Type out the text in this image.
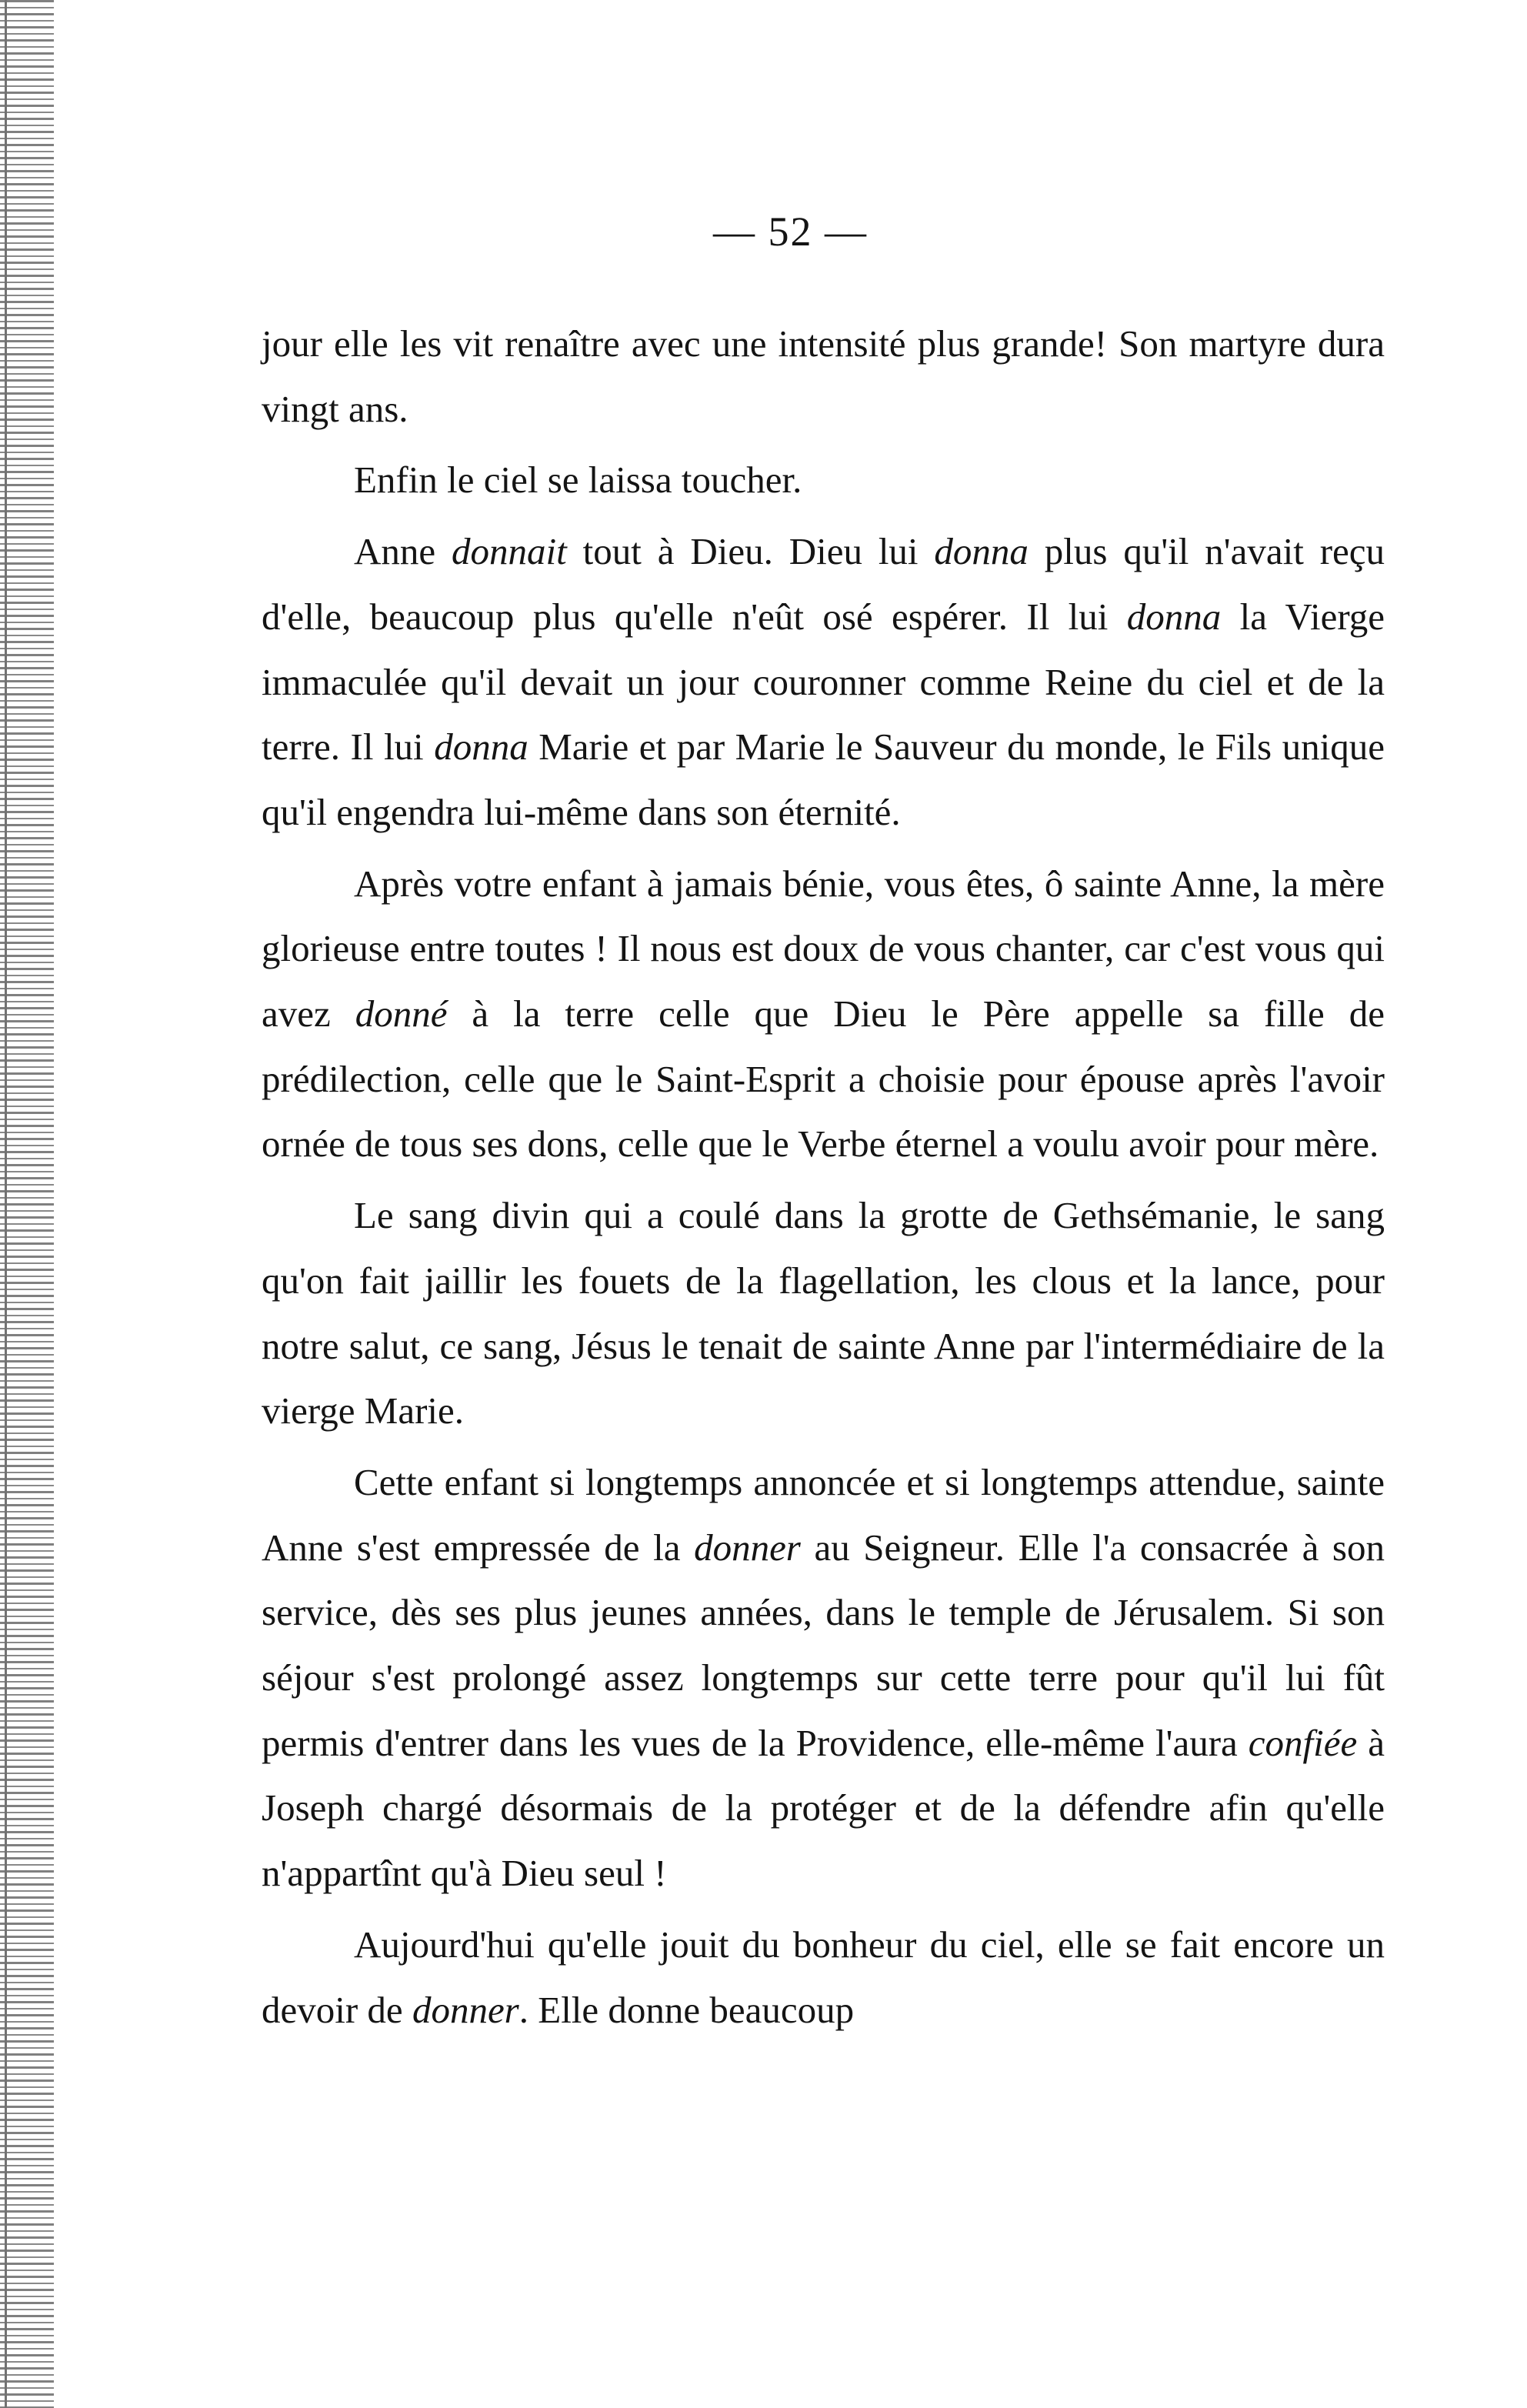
— 52 —

jour elle les vit renaître avec une intensité plus grande! Son martyre dura vingt ans.

Enfin le ciel se laissa toucher.

Anne donnait tout à Dieu. Dieu lui donna plus qu'il n'avait reçu d'elle, beaucoup plus qu'elle n'eût osé espérer. Il lui donna la Vierge immaculée qu'il devait un jour couronner comme Reine du ciel et de la terre. Il lui donna Marie et par Marie le Sauveur du monde, le Fils unique qu'il engendra lui-même dans son éternité.

Après votre enfant à jamais bénie, vous êtes, ô sainte Anne, la mère glorieuse entre toutes ! Il nous est doux de vous chanter, car c'est vous qui avez donné à la terre celle que Dieu le Père appelle sa fille de prédilection, celle que le Saint-Esprit a choisie pour épouse après l'avoir ornée de tous ses dons, celle que le Verbe éternel a voulu avoir pour mère.

Le sang divin qui a coulé dans la grotte de Gethsémanie, le sang qu'on fait jaillir les fouets de la flagellation, les clous et la lance, pour notre salut, ce sang, Jésus le tenait de sainte Anne par l'intermédiaire de la vierge Marie.

Cette enfant si longtemps annoncée et si longtemps attendue, sainte Anne s'est empressée de la donner au Seigneur. Elle l'a consacrée à son service, dès ses plus jeunes années, dans le temple de Jérusalem. Si son séjour s'est prolongé assez longtemps sur cette terre pour qu'il lui fût permis d'entrer dans les vues de la Providence, elle-même l'aura confiée à Joseph chargé désormais de la protéger et de la défendre afin qu'elle n'appartînt qu'à Dieu seul !

Aujourd'hui qu'elle jouit du bonheur du ciel, elle se fait encore un devoir de donner. Elle donne beaucoup
